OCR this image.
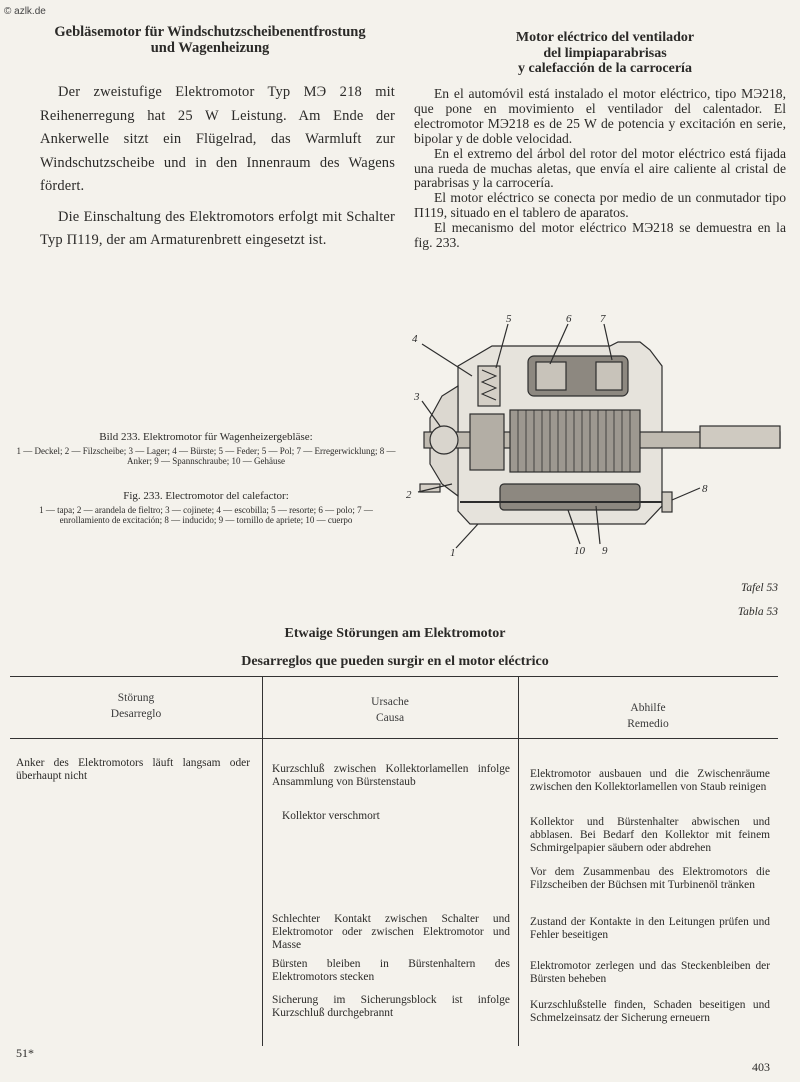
© azlk.de
Gebläsemotor für Windschutzscheibenentfrostung
und Wagenheizung

Der zweistufige Elektromotor Typ МЭ 218 mit Reihenerregung hat 25 W Leistung. Am Ende der Ankerwelle sitzt ein Flügelrad, das Warmluft zur Windschutzscheibe und in den Innenraum des Wagens fördert.

Die Einschaltung des Elektromotors erfolgt mit Schalter Typ П119, der am Armaturenbrett eingesetzt ist.

Motor eléctrico del ventilador
del limpiaparabrisas
y calefacción de la carrocería

En el automóvil está instalado el motor eléctrico, tipo МЭ218, que pone en movimiento el ventilador del calentador. El electromotor МЭ218 es de 25 W de potencia y excitación en serie, bipolar y de doble velocidad.

En el extremo del árbol del rotor del motor eléctrico está fijada una rueda de muchas aletas, que envía el aire caliente al cristal de parabrisas y la carrocería.

El motor eléctrico se conecta por medio de un conmutador tipo П119, situado en el tablero de aparatos.

El mecanismo del motor eléctrico МЭ218 se demuestra en la fig. 233.

Bild 233. Elektromotor für Wagenheizergebläse:
1 — Deckel; 2 — Filzscheibe; 3 — Lager; 4 — Bürste; 5 — Feder; 5 — Pol; 7 — Erregerwicklung; 8 — Anker; 9 — Spannschraube; 10 — Gehäuse
Fig. 233. Electromotor del calefactor:
1 — tapa; 2 — arandela de fieltro; 3 — cojinete; 4 — escobilla; 5 — resorte; 6 — polo; 7 — enrollamiento de excitación; 8 — inducido; 9 — tornillo de apriete; 10 — cuerpo
1
2
3
4
5	6	7
8
9
10
Tafel 53
Tabla 53
Etwaige Störungen am Elektromotor
Desarreglos que pueden surgir en el motor eléctrico
Störung
Desarreglo
Ursache
Causa
Abhilfe
Remedio
Anker des Elektromotors läuft langsam oder überhaupt nicht
Kurzschluß zwischen Kollektorlamellen infolge Ansammlung von Bürstenstaub
Kollektor verschmort
Schlechter Kontakt zwischen Schalter und Elektromotor oder zwischen Elektromotor und Masse
Bürsten bleiben in Bürstenhaltern des Elektromotors stecken
Sicherung im Sicherungsblock ist infolge Kurzschluß durchgebrannt
Elektromotor ausbauen und die Zwischenräume zwischen den Kollektorlamellen von Staub reinigen
Kollektor und Bürstenhalter abwischen und abblasen. Bei Bedarf den Kollektor mit feinem Schmirgelpapier säubern oder abdrehen
Vor dem Zusammenbau des Elektromotors die Filzscheiben der Büchsen mit Turbinenöl tränken
Zustand der Kontakte in den Leitungen prüfen und Fehler beseitigen
Elektromotor zerlegen und das Steckenbleiben der Bürsten beheben
Kurzschlußstelle finden, Schaden beseitigen und Schmelzeinsatz der Sicherung erneuern
51*
403
